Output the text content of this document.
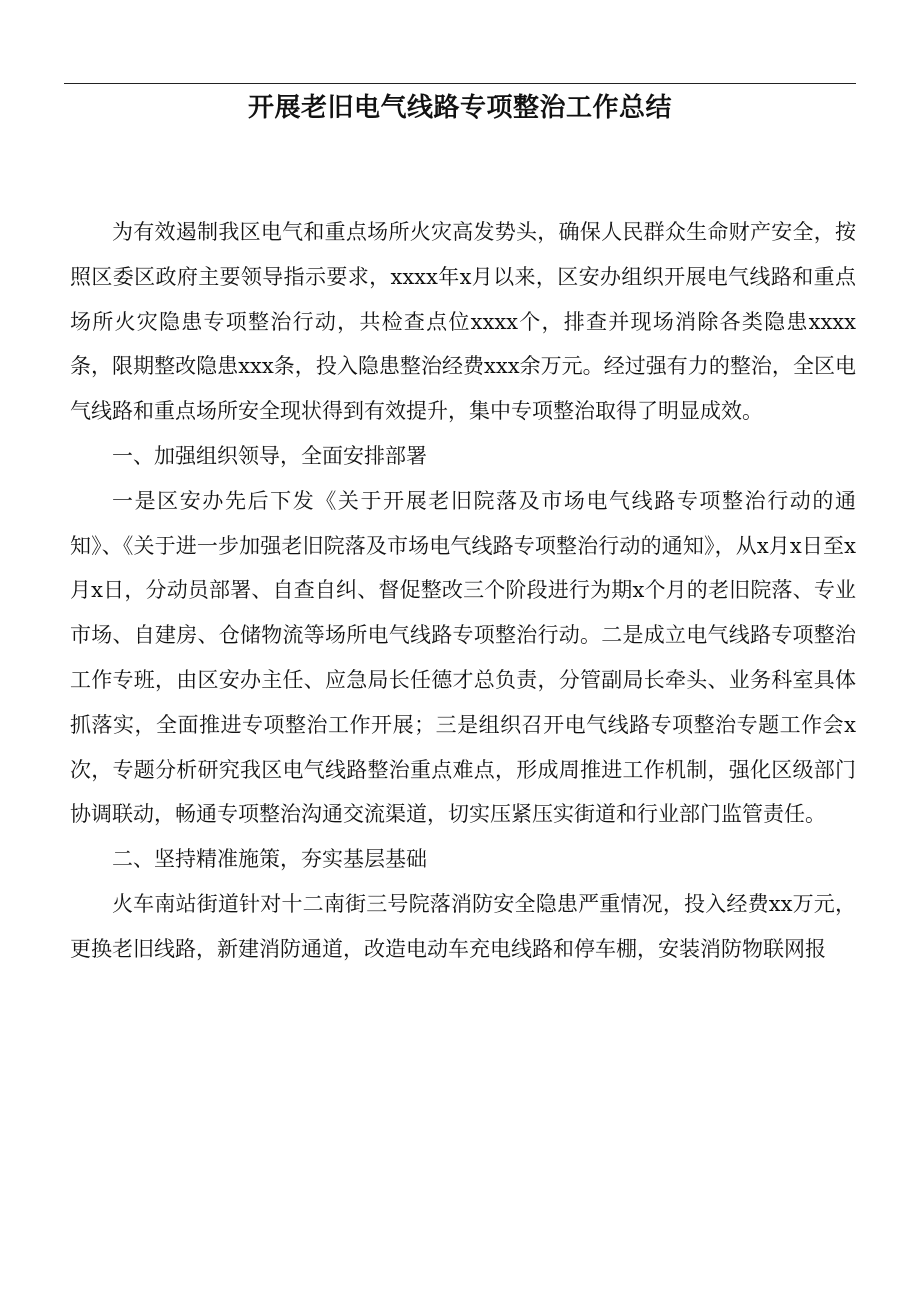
开展老旧电气线路专项整治工作总结

为有效遏制我区电气和重点场所火灾高发势头，确保人民群众生命财产安全，按照区委区政府主要领导指示要求，xxxx年x月以来，区安办组织开展电气线路和重点场所火灾隐患专项整治行动，共检查点位xxxx个，排查并现场消除各类隐患xxxx条，限期整改隐患xxx条，投入隐患整治经费xxx余万元。经过强有力的整治，全区电气线路和重点场所安全现状得到有效提升，集中专项整治取得了明显成效。

一、加强组织领导，全面安排部署

一是区安办先后下发《关于开展老旧院落及市场电气线路专项整治行动的通知》、《关于进一步加强老旧院落及市场电气线路专项整治行动的通知》，从x月x日至x月x日，分动员部署、自查自纠、督促整改三个阶段进行为期x个月的老旧院落、专业市场、自建房、仓储物流等场所电气线路专项整治行动。二是成立电气线路专项整治工作专班，由区安办主任、应急局长任德才总负责，分管副局长牵头、业务科室具体抓落实，全面推进专项整治工作开展；三是组织召开电气线路专项整治专题工作会x次，专题分析研究我区电气线路整治重点难点，形成周推进工作机制，强化区级部门协调联动，畅通专项整治沟通交流渠道，切实压紧压实街道和行业部门监管责任。

二、坚持精准施策，夯实基层基础

火车南站街道针对十二南街三号院落消防安全隐患严重情况，投入经费xx万元，更换老旧线路，新建消防通道，改造电动车充电线路和停车棚，安装消防物联网报
